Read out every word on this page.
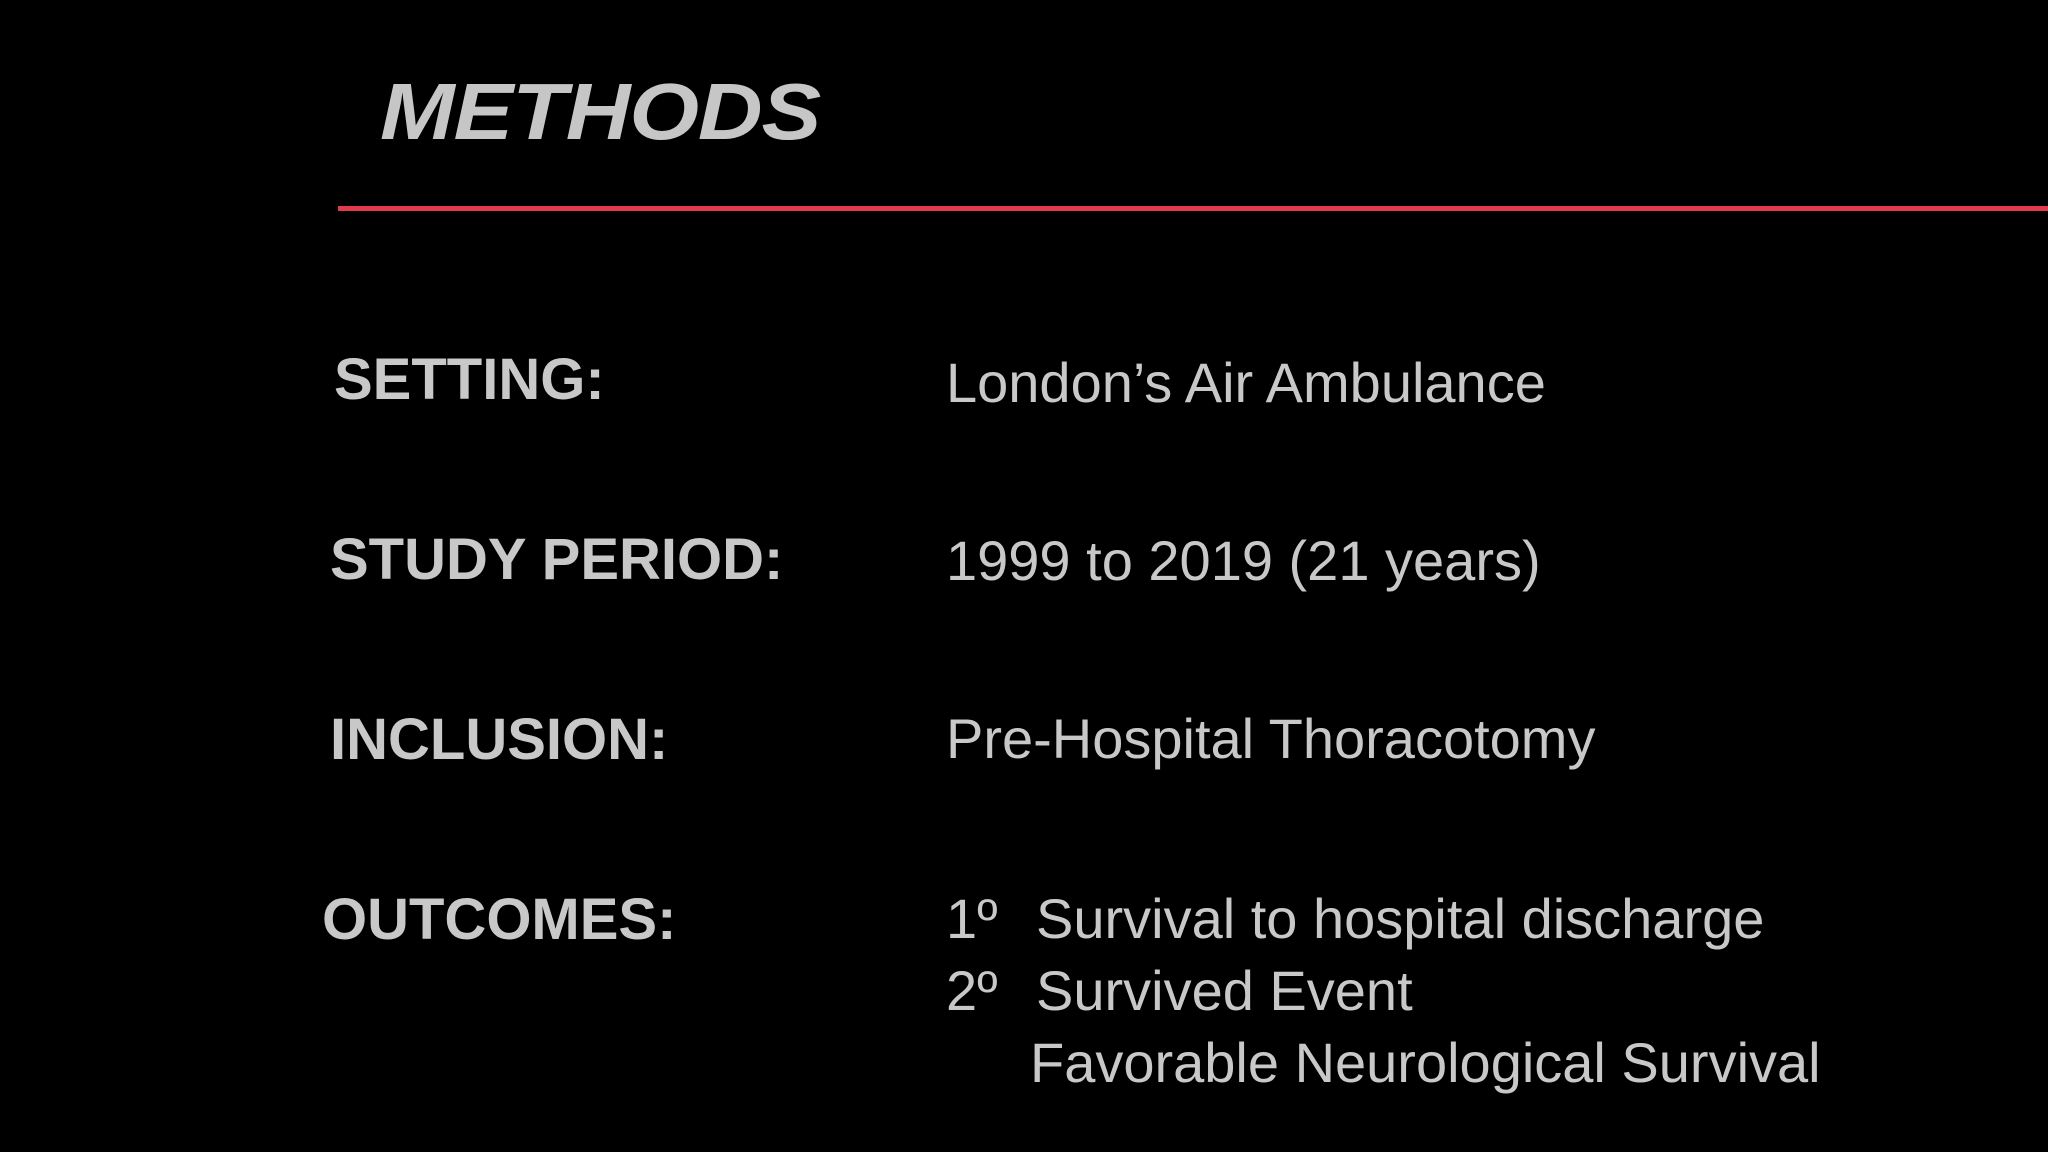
METHODS
SETTING:	London’s Air Ambulance
STUDY PERIOD:	1999 to 2019 (21 years)
INCLUSION:	Pre-Hospital Thoracotomy
OUTCOMES:	1º Survival to hospital discharge
2º Survived Event
Favorable Neurological Survival
